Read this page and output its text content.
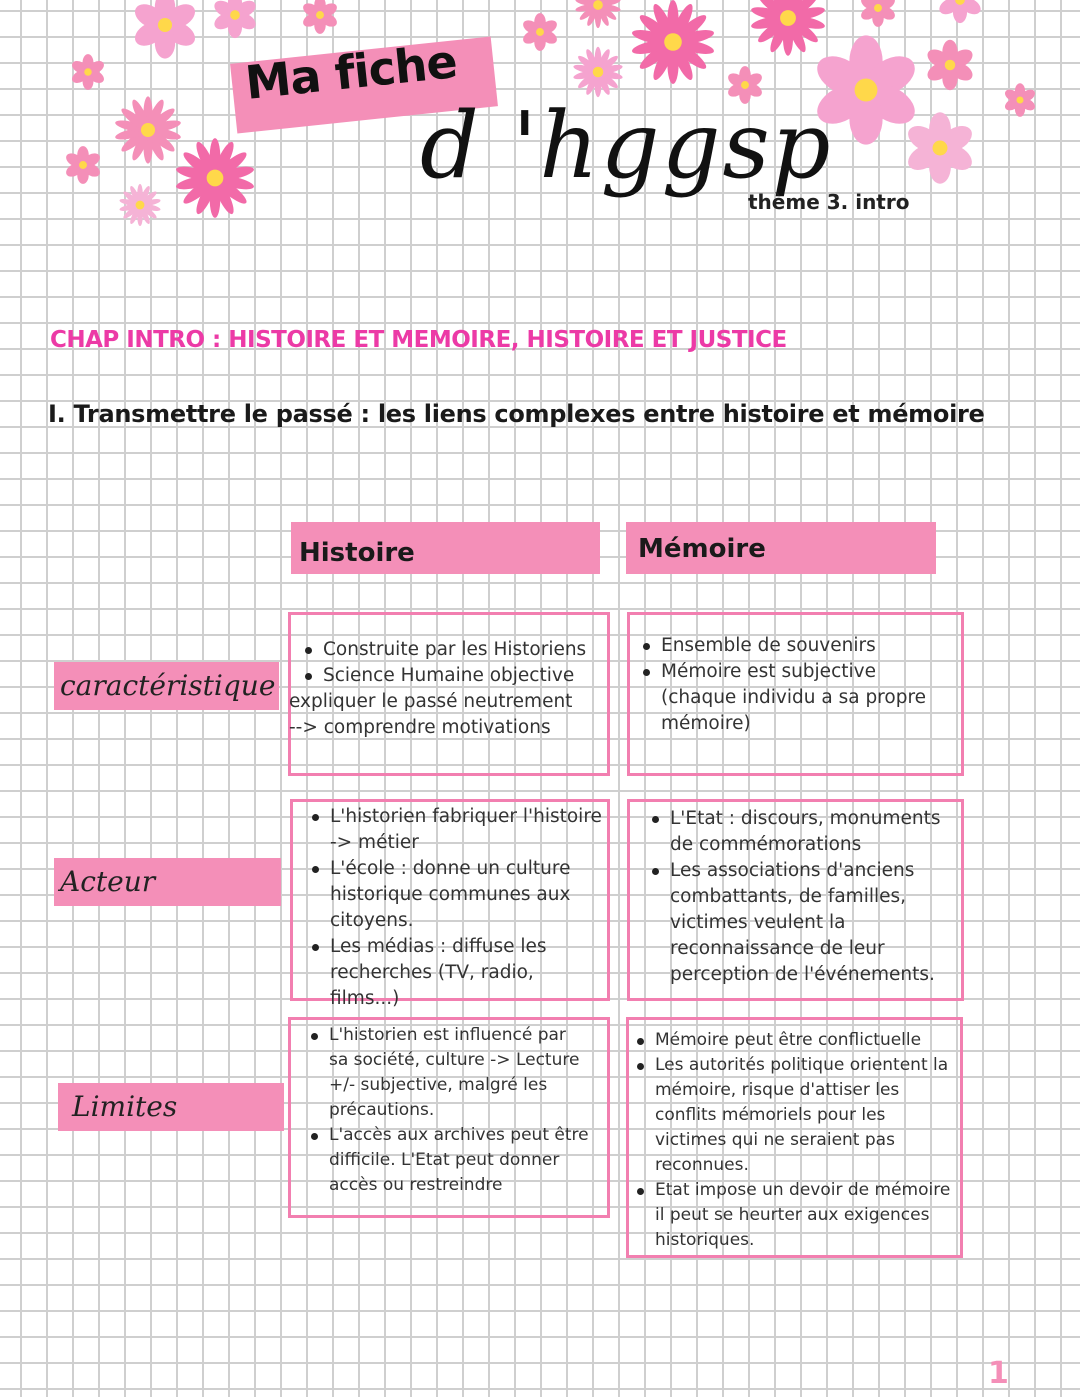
Ma fiche
d 'hggsp
thème 3. intro
CHAP INTRO : HISTOIRE ET MEMOIRE, HISTOIRE ET JUSTICE
I. Transmettre le passé : les liens complexes entre histoire et mémoire
Histoire	Mémoire
caractéristique
Acteur
Limites
Construite par les Historiens
Science Humaine objective
expliquer le passé neutrement
--> comprendre motivations
Ensemble de souvenirs
Mémoire est subjective (chaque individu a sa propre mémoire)
L'historien fabriquer l'histoire -> métier
L'école : donne un culture historique communes aux citoyens.
Les médias : diffuse les recherches (TV, radio, films...)
L'Etat : discours, monuments de commémorations
Les associations d'anciens combattants, de familles, victimes veulent la reconnaissance de leur perception de l'événements.
L'historien est influencé par sa société, culture -> Lecture +/- subjective, malgré les précautions.
L'accès aux archives peut être difficile. L'Etat peut donner accès ou restreindre
Mémoire peut être conflictuelle
Les autorités politique orientent la mémoire, risque d'attiser les conflits mémoriels pour les victimes qui ne seraient pas reconnues.
Etat impose un devoir de mémoire il peut se heurter aux exigences historiques.
1
